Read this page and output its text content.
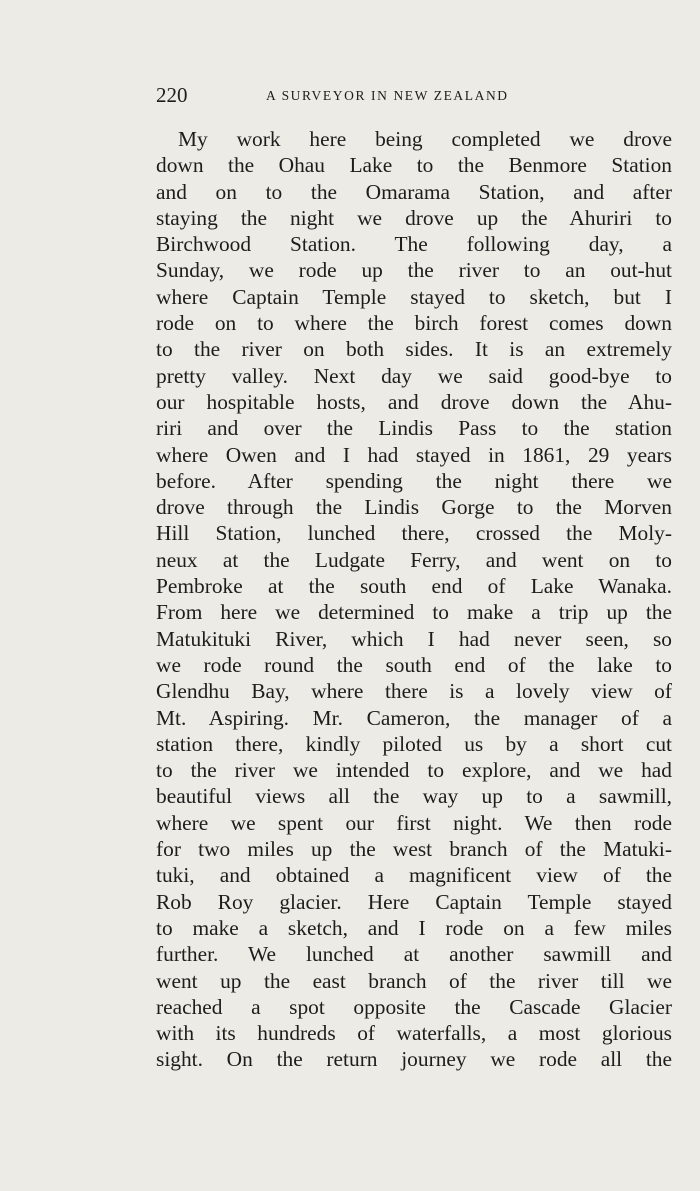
220	A SURVEYOR IN NEW ZEALAND
My work here being completed we drove
down the Ohau Lake to the Benmore Station
and on to the Omarama Station, and after
staying the night we drove up the Ahuriri to
Birchwood Station. The following day, a
Sunday, we rode up the river to an out-hut
where Captain Temple stayed to sketch, but I
rode on to where the birch forest comes down
to the river on both sides. It is an extremely
pretty valley. Next day we said good-bye to
our hospitable hosts, and drove down the Ahu-
riri and over the Lindis Pass to the station
where Owen and I had stayed in 1861, 29 years
before. After spending the night there we
drove through the Lindis Gorge to the Morven
Hill Station, lunched there, crossed the Moly-
neux at the Ludgate Ferry, and went on to
Pembroke at the south end of Lake Wanaka.
From here we determined to make a trip up the
Matukituki River, which I had never seen, so
we rode round the south end of the lake to
Glendhu Bay, where there is a lovely view of
Mt. Aspiring. Mr. Cameron, the manager of a
station there, kindly piloted us by a short cut
to the river we intended to explore, and we had
beautiful views all the way up to a sawmill,
where we spent our first night. We then rode
for two miles up the west branch of the Matuki-
tuki, and obtained a magnificent view of the
Rob Roy glacier. Here Captain Temple stayed
to make a sketch, and I rode on a few miles
further. We lunched at another sawmill and
went up the east branch of the river till we
reached a spot opposite the Cascade Glacier
with its hundreds of waterfalls, a most glorious
sight. On the return journey we rode all the
